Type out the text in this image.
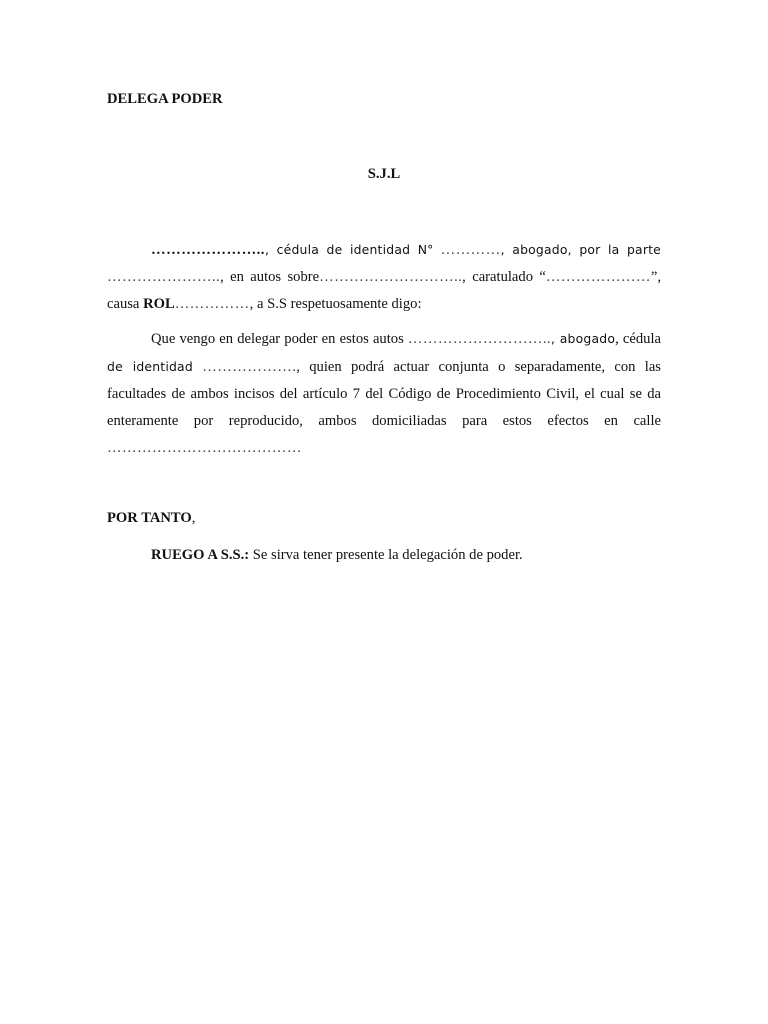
DELEGA PODER

S.J.L

………………….., cédula de identidad N° …………, abogado, por la parte ………………….., en autos sobre……………………….., caratulado “…………………”, causa ROL……………, a S.S respetuosamente digo:

Que vengo en delegar poder en estos autos ……………………….., abogado, cédula de identidad ………………., quien podrá actuar conjunta o separadamente, con las facultades de ambos incisos del artículo 7 del Código de Procedimiento Civil, el cual se da enteramente por reproducido, ambos domiciliadas para estos efectos en calle …………………………………

POR TANTO,

RUEGO A S.S.: Se sirva tener presente la delegación de poder.
